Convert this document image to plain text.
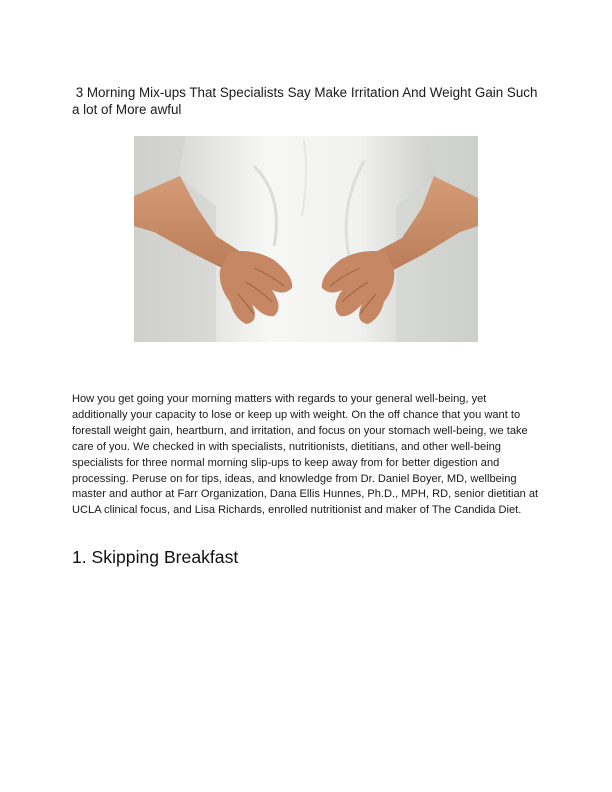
3 Morning Mix-ups That Specialists Say Make Irritation And Weight Gain Such a lot of More awful

How you get going your morning matters with regards to your general well-being, yet additionally your capacity to lose or keep up with weight. On the off chance that you want to forestall weight gain, heartburn, and irritation, and focus on your stomach well-being, we take care of you. We checked in with specialists, nutritionists, dietitians, and other well-being specialists for three normal morning slip-ups to keep away from for better digestion and processing. Peruse on for tips, ideas, and knowledge from Dr. Daniel Boyer, MD, wellbeing master and author at Farr Organization, Dana Ellis Hunnes, Ph.D., MPH, RD, senior dietitian at UCLA clinical focus, and Lisa Richards, enrolled nutritionist and maker of The Candida Diet.

1. Skipping Breakfast
